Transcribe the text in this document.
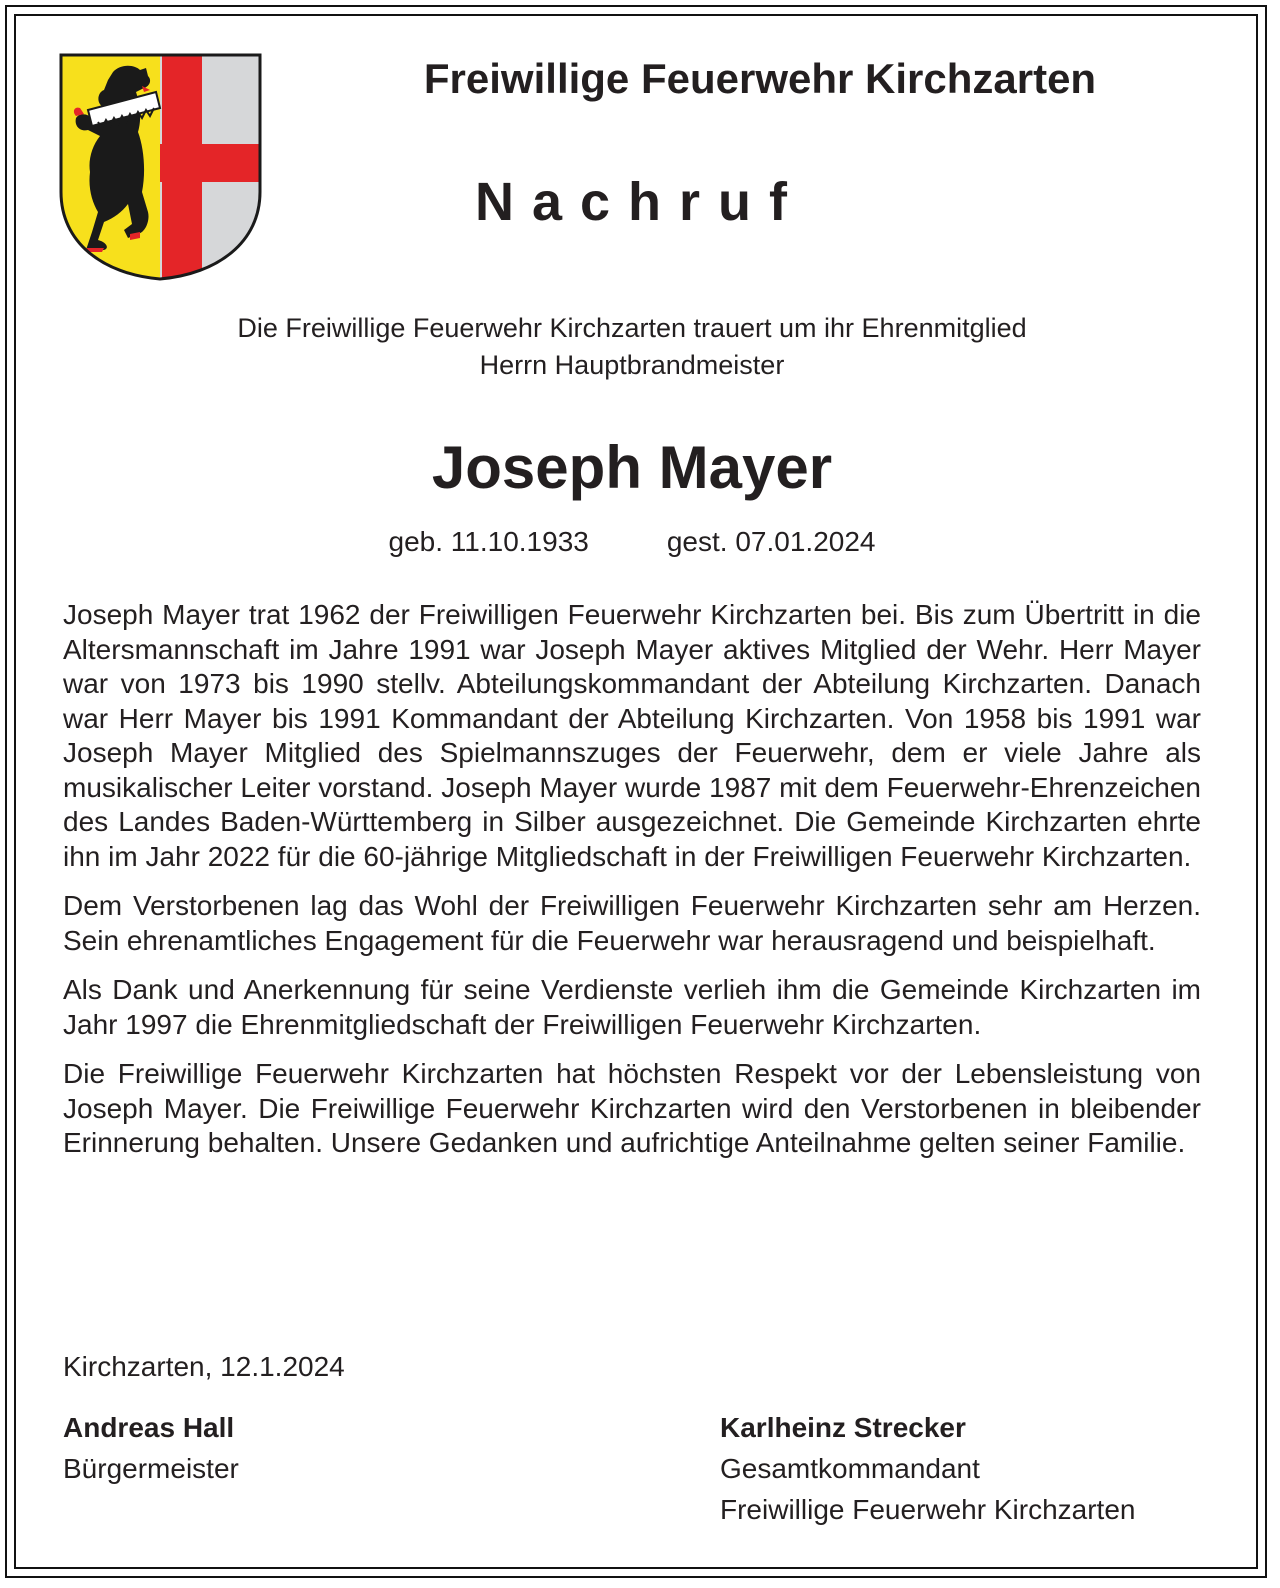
Freiwillige Feuerwehr Kirchzarten
Nachruf
Die Freiwillige Feuerwehr Kirchzarten trauert um ihr Ehrenmitglied
Herrn Hauptbrandmeister
Joseph Mayer
geb. 11.10.1933	gest. 07.01.2024

Joseph Mayer trat 1962 der Freiwilligen Feuerwehr Kirchzarten bei. Bis zum Übertritt in die Altersmannschaft im Jahre 1991 war Joseph Mayer aktives Mitglied der Wehr. Herr Mayer war von 1973 bis 1990 stellv. Abteilungskommandant der Abteilung Kirchzarten. Danach war Herr Mayer bis 1991 Kommandant der Abteilung Kirchzarten. Von 1958 bis 1991 war Joseph Mayer Mitglied des Spielmannszuges der Feuerwehr, dem er viele Jahre als musikalischer Leiter vorstand. Joseph Mayer wurde 1987 mit dem Feuerwehr-Ehrenzeichen des Landes Baden-Württemberg in Silber ausgezeichnet. Die Gemeinde Kirchzarten ehrte ihn im Jahr 2022 für die 60-jährige Mitgliedschaft in der Freiwilligen Feuerwehr Kirchzarten.

Dem Verstorbenen lag das Wohl der Freiwilligen Feuerwehr Kirchzarten sehr am Herzen. Sein ehrenamtliches Engagement für die Feuerwehr war herausragend und beispielhaft.

Als Dank und Anerkennung für seine Verdienste verlieh ihm die Gemeinde Kirchzarten im Jahr 1997 die Ehrenmitgliedschaft der Freiwilligen Feuerwehr Kirchzarten.

Die Freiwillige Feuerwehr Kirchzarten hat höchsten Respekt vor der Lebensleistung von Joseph Mayer. Die Freiwillige Feuerwehr Kirchzarten wird den Verstorbenen in bleibender Erinnerung behalten. Unsere Gedanken und aufrichtige Anteilnahme gelten seiner Familie.

Kirchzarten, 12.1.2024
Andreas Hall
Bürgermeister
Karlheinz Strecker
Gesamtkommandant
Freiwillige Feuerwehr Kirchzarten
